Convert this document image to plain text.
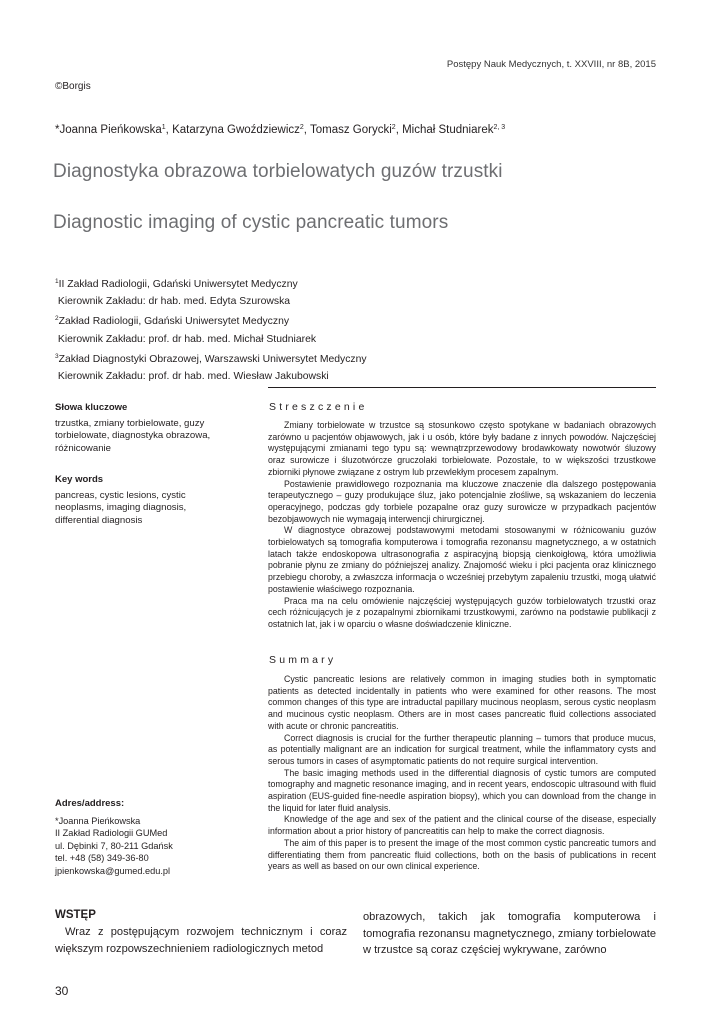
Postępy Nauk Medycznych, t. XXVIII, nr 8B, 2015
©Borgis
*Joanna Pieńkowska$^1$, Katarzyna Gwoździewicz$^2$, Tomasz Gorycki$^2$, Michał Studniarek$^{2, 3}$
Diagnostyka obrazowa torbielowatych guzów trzustki
Diagnostic imaging of cystic pancreatic tumors
$^1$II Zakład Radiologii, Gdański Uniwersytet Medyczny
Kierownik Zakładu: dr hab. med. Edyta Szurowska
$^2$Zakład Radiologii, Gdański Uniwersytet Medyczny
Kierownik Zakładu: prof. dr hab. med. Michał Studniarek
$^3$Zakład Diagnostyki Obrazowej, Warszawski Uniwersytet Medyczny
Kierownik Zakładu: prof. dr hab. med. Wiesław Jakubowski
Słowa kluczowe
trzustka, zmiany torbielowate, guzy
torbielowate, diagnostyka obrazowa,
różnicowanie
Key words
pancreas, cystic lesions, cystic
neoplasms, imaging diagnosis,
differential diagnosis
Adres/address:
*Joanna Pieńkowska
II Zakład Radiologii GUMed
ul. Dębinki 7, 80-211 Gdańsk
tel. +48 (58) 349-36-80
jpienkowska@gumed.edu.pl
Streszczenie

Zmiany torbielowate w trzustce są stosunkowo często spotykane w badaniach obrazowych zarówno u pacjentów objawowych, jak i u osób, które były badane z innych powodów. Najczęściej występującymi zmianami tego typu są: wewnątrzprzewodowy brodawkowaty nowotwór śluzowy oraz surowicze i śluzotwórcze gruczolaki torbielowate. Pozostałe, to w większości trzustkowe zbiorniki płynowe związane z ostrym lub przewlekłym procesem zapalnym.

Postawienie prawidłowego rozpoznania ma kluczowe znaczenie dla dalszego postępowania terapeutycznego – guzy produkujące śluz, jako potencjalnie złośliwe, są wskazaniem do leczenia operacyjnego, podczas gdy torbiele pozapalne oraz guzy surowicze w przypadkach pacjentów bezobjawowych nie wymagają interwencji chirurgicznej.

W diagnostyce obrazowej podstawowymi metodami stosowanymi w różnicowaniu guzów torbielowatych są tomografia komputerowa i tomografia rezonansu magnetycznego, a w ostatnich latach także endoskopowa ultrasonografia z aspiracyjną biopsją cienkoigłową, która umożliwia pobranie płynu ze zmiany do późniejszej analizy. Znajomość wieku i płci pacjenta oraz klinicznego przebiegu choroby, a zwłaszcza informacja o wcześniej przebytym zapaleniu trzustki, mogą ułatwić postawienie właściwego rozpoznania.

Praca ma na celu omówienie najczęściej występujących guzów torbielowatych trzustki oraz cech różnicujących je z pozapalnymi zbiornikami trzustkowymi, zarówno na podstawie publikacji z ostatnich lat, jak i w oparciu o własne doświadczenie kliniczne.

Summary

Cystic pancreatic lesions are relatively common in imaging studies both in symptomatic patients as detected incidentally in patients who were examined for other reasons. The most common changes of this type are intraductal papillary mucinous neoplasm, serous cystic neoplasm and mucinous cystic neoplasm. Others are in most cases pancreatic fluid collections associated with acute or chronic pancreatitis.

Correct diagnosis is crucial for the further therapeutic planning – tumors that produce mucus, as potentially malignant are an indication for surgical treatment, while the inflammatory cysts and serous tumors in cases of asymptomatic patients do not require surgical intervention.

The basic imaging methods used in the differential diagnosis of cystic tumors are computed tomography and magnetic resonance imaging, and in recent years, endoscopic ultrasound with fluid aspiration (EUS-guided fine-needle aspiration biopsy), which you can download from the change in the liquid for later fluid analysis.

Knowledge of the age and sex of the patient and the clinical course of the disease, especially information about a prior history of pancreatitis can help to make the correct diagnosis.

The aim of this paper is to present the image of the most common cystic pancreatic tumors and differentiating them from pancreatic fluid collections, both on the basis of publications in recent years as well as based on our own clinical experience.

WSTĘP
Wraz z postępującym rozwojem technicznym i coraz większym rozpowszechnieniem radiologicznych metod
obrazowych, takich jak tomografia komputerowa i tomografia rezonansu magnetycznego, zmiany torbielowate w trzustce są coraz częściej wykrywane, zarówno
30
